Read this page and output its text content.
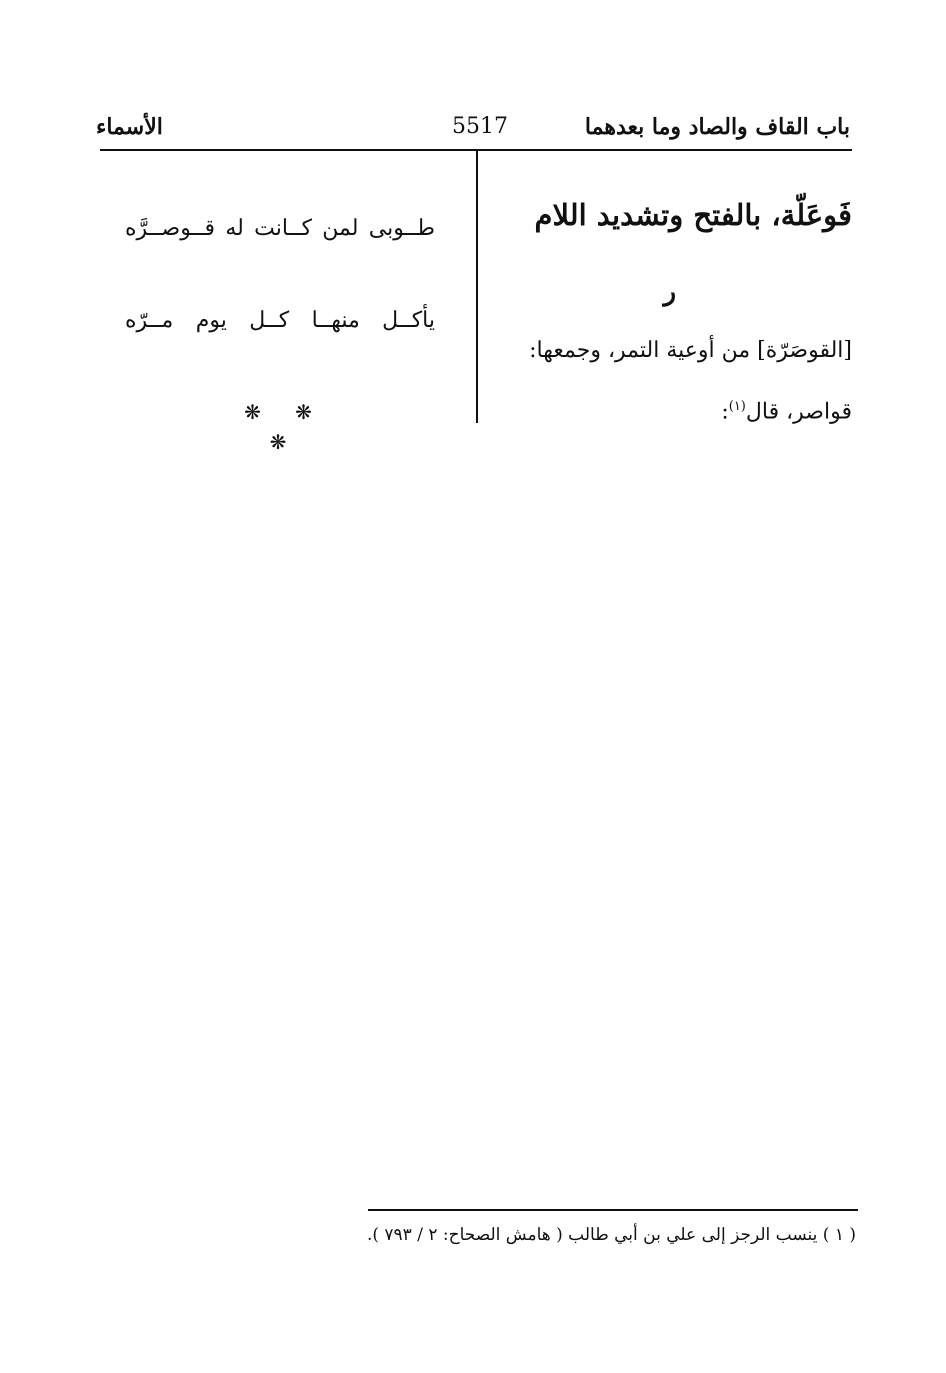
باب القاف والصاد وما بعدهما
5517
الأسماء
فَوعَلّة، بالفتح وتشديد اللام
ر
[القوصَرّة] من أوعية التمر، وجمعها:
قواصر، قال$^{(١)}$:
طــوبى لمن كــانت له قــوصــرَّه
يأكــل منهــا كــل يوم مــرّه
❋ ❋ ❋
( ١ ) ينسب الرجز إلى علي بن أبي طالب ( هامش الصحاح: ٢ / ٧٩٣ ).
